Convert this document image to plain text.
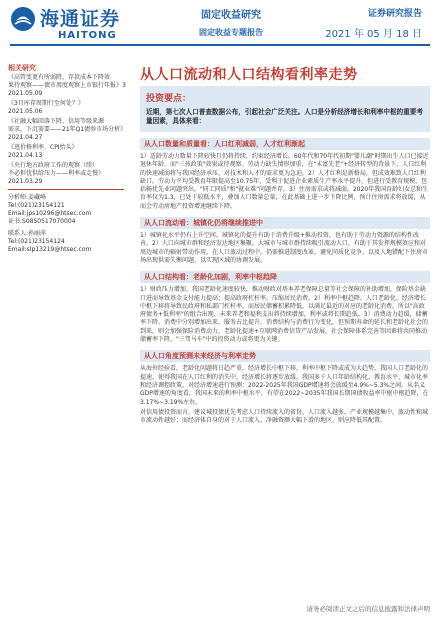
海通证券
HAITONG
固定收益研究
固定收益专题报告
证券研究报告
2021 年 05 月 18 日
从人口流动和人口结构看利率走势
相关研究
《高管变更有所弱降，存款成本下降效
果待观察——债市周度观察上市银行年报》3
2021.05.09
《3月库存周期行至何处？》
2021.05.06
《社融大幅回落下降，信用等级来源
需求，下沉需要——21年Q1债券市场分析》
2021.04.27
《逃价格利率、CPI抬头》
2021.04.13
《央行地方政府工作的观察（续）
不必担忧供给压力——利率或走慢》
2021.03.29
分析师:姜藏峰
Tel:(021)23154121
Email:jps10296@htsec.com
证书:S0850517070004
联系人:孙丽萍
Tel:(021)23154124
Email:slp13219@htsec.com
投资要点：
近期，第七次人口普查数据公布，引起社会广泛关注。人口是分析经济增长和利率中枢的重要考量因素，具体来看：
从人口数量和质量看：人口红利减弱，人才红利渐起
1）适龄劳动力数量下降较快且仍将持续，约束经济增长。60年代和70年代初期"婴儿潮"时期出生人口已接近退休年龄，而"三孩政策"效果或待观察。劳动力缺失情形加重，在"未富先老"+经济转型的背景下，人口红利的快速减弱将与我国经济承压，对技术和人才的需求更为急迫。2）人才红利是新格局，但成效难致人口红利缺口。劳动力平均受教育年限提高至10.75年，受利于促进企业素质生产率水平提升，但进行受教育规模，包括畅优先业问题突出，"同工同质"和"就业难"问题并存。3）住房需求或将减弱。2020年我国育龄妇女总和生育率仅为1.3，已处于较低水平，叠加人口数量总量，在此基础上进一步下降比例，预计住房需求将放缓，从而会劳动房地产投资增速继续下降。
从人口流动看：城镇化仍将继续推进中
1）城镇化水平仍有上升空间。城镇化的提升有助于消费升级+推动投资，也有助于劳动力资源的结构性改善。2）人口向城市群和经济发达地区集聚。大城市与城市群持续吸引流动人口，有助于其发挥规模效应和对周边城市的辐射带动作用，在人口流动过程中，仍需推进制度改革，避免同质化竞争，以及人地错配下住房市场出现供需失衡问题，以实现区域的协调发展。
从人口结构看：老龄化加剧，利率中枢趋降
1）财政压力增加。我国老龄化速度较快，推动财政对基本养老保障总量等社会保障的补助增加，保险基金缺口进而导致基金支付能力提高；提高政府杠杆率，压缩居民消费。2）利率中枢趋降。人口老龄化、经济增长中枢下移将导致民政府和私部门杠杆率，而居民储蓄积累降低，以满足最近的对应的老龄化消费，所以"高政府债务+低利率"的组合出现，未来养老和福利支出将持续增加，利率或将长期趋低。3）消费动力趋缓，储蓄率下降。消费中分别增加出来，服务占比提升，消费结构与消费行为变化，但预期寿命的延长和老龄化社会的到来，则会加强保险消费动力，老龄化提速+互联网消费信贷产品发展，社会保障体系完善等因素将共同推动储蓄率下降，"三驾马车"中的投资动力或将更为关键。
从人口角度预测未来经济与利率走势
从海外经验看，老龄化问题将日趋严重，经济增长中枢下移，利率中枢下降或成为大趋势，我国人口老龄化的提速，使得我国在人口红利的消失中，经济增长将逐步放缓，我国多于人口年龄结构化、教育水平、城市化率和经济调控政策，对经济增速进行预测：2022-2025年我国GDP增速将会放缓至4.9%~5.3%之间。从名义GDP增速的角度看，我国未来的利率中枢水平，有望在2022~2035年我国长期国债收益率中枢中枢趋降，在3.17%~3.19%左右。
对信用债投资而言，建议城投债优先考虑人口持续流入的省份，人口流入越多，产业规模越集中，流动性和城市流动性越好；而经济体自身的对于人口流入、净融资额大幅下滑的地区，则应降低其配置。
请务必阅读正文之后的信息披露和法律声明
